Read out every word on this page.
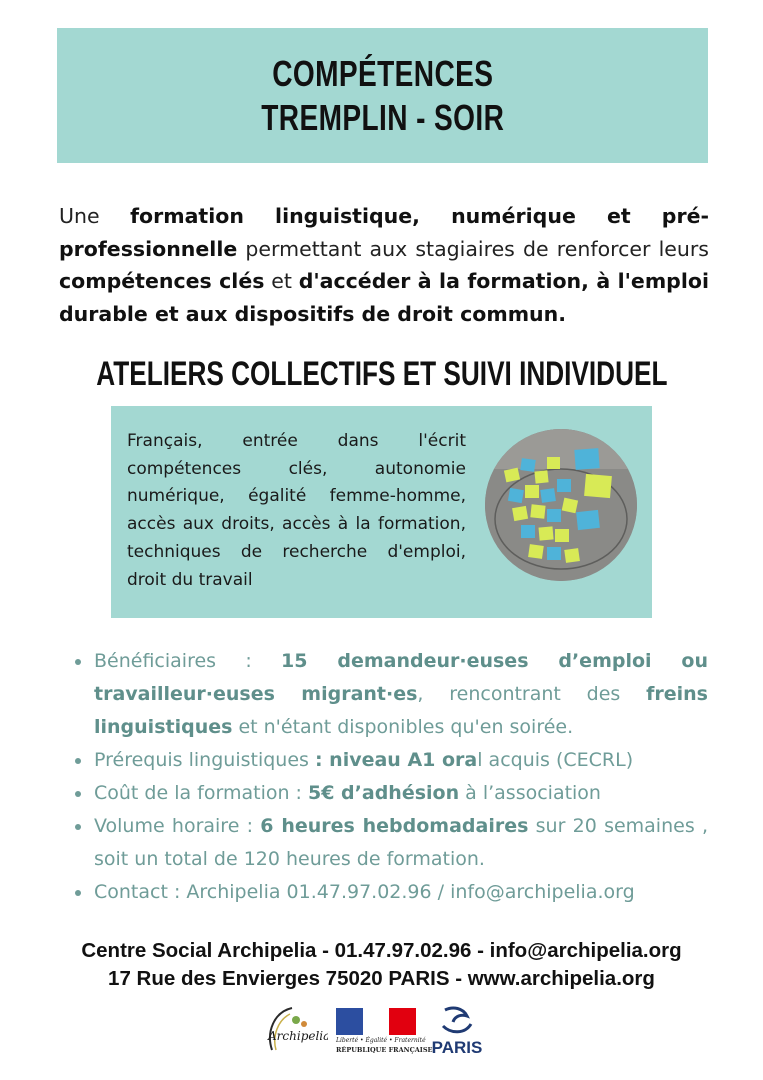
COMPÉTENCES
TREMPLIN - SOIR
Une formation linguistique, numérique et pré-professionnelle permettant aux stagiaires de renforcer leurs compétences clés et d'accéder à la formation, à l'emploi durable et aux dispositifs de droit commun.
ATELIERS COLLECTIFS ET SUIVI INDIVIDUEL
Français, entrée dans l'écrit compétences clés, autonomie numérique, égalité femme-homme, accès aux droits, accès à la formation, techniques de recherche d'emploi, droit du travail
Bénéficiaires : 15 demandeur·euses d’emploi ou travailleur·euses migrant·es, rencontrant des freins linguistiques et n'étant disponibles qu'en soirée.
Prérequis linguistiques : niveau A1 oral acquis (CECRL)
Coût de la formation : 5€ d’adhésion à l’association
Volume horaire : 6 heures hebdomadaires sur 20 semaines , soit un total de 120 heures de formation.
Contact : Archipelia 01.47.97.02.96 / info@archipelia.org
Centre Social Archipelia - 01.47.97.02.96 - info@archipelia.org
17 Rue des Envierges 75020 PARIS - www.archipelia.org
Archipelia Liberté • Égalité • Fraternité
RÉPUBLIQUE FRANÇAISE PARIS
